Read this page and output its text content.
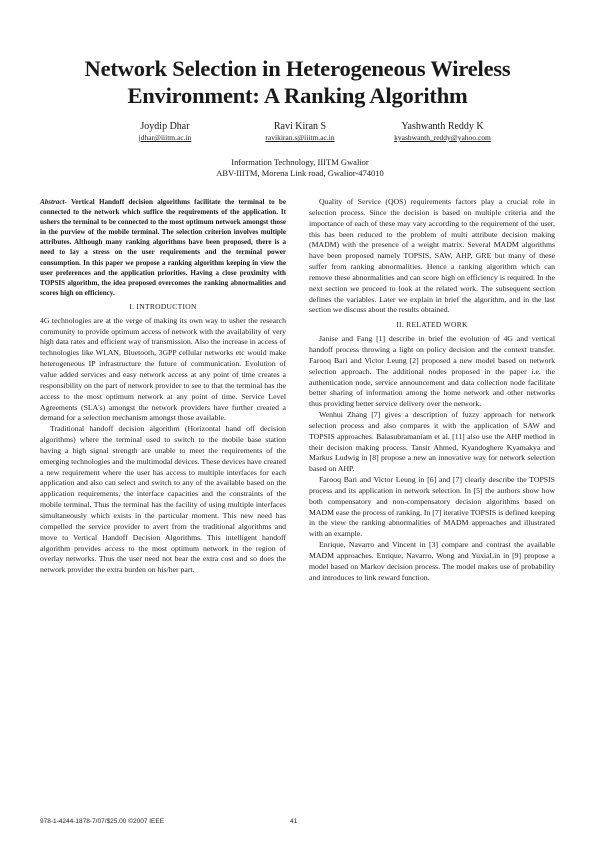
Network Selection in Heterogeneous Wireless
Environment: A Ranking Algorithm
Joydip Dhar
jdhar@iiitm.ac.in
Ravi Kiran S
ravikiran.s@iiitm.ac.in
Yashwanth Reddy K
kyashwanth_reddy@yahoo.com
Information Technology, IIITM Gwalior
ABV-IIITM, Morena Link road, Gwalior-474010

Abstract- Vertical Handoff decision algorithms facilitate the terminal to be connected to the network which suffice the requirements of the application. It ushers the terminal to be connected to the most optimum network amongst those in the purview of the mobile terminal. The selection criterion involves multiple attributes. Although many ranking algorithms have been proposed, there is a need to lay a stress on the user requirements and the terminal power consumption. In this paper we propose a ranking algorithm keeping in view the user preferences and the application priorities. Having a close proximity with TOPSIS algorithm, the idea proposed overcomes the ranking abnormalities and scores high on efficiency.

I. INTRODUCTION

4G technologies are at the verge of making its own way to usher the research community to provide optimum access of network with the availability of very high data rates and efficient way of transmission. Also the increase in access of technologies like WLAN, Bluetooth, 3GPP cellular networks etc would make heterogeneous IP infrastructure the future of communication. Evolution of value added services and easy network access at any point of time creates a responsibility on the part of network provider to see to that the terminal has the access to the most optimum network at any point of time. Service Level Agreements (SLA's) amongst the network providers have further created a demand for a selection mechanism amongst those available.

Traditional handoff decision algorithm (Horizontal hand off decision algorithms) where the terminal used to switch to the mobile base station having a high signal strength are unable to meet the requirements of the emerging technologies and the multimodal devices. These devices have created a new requirement where the user has access to multiple interfaces for each application and also can select and switch to any of the available based on the application requirements, the interface capacities and the constraints of the mobile terminal. Thus the terminal has the facility of using multiple interfaces simultaneously which exists in the particular moment. This new need has compelled the service provider to avert from the traditional algorithms and move to Vertical Handoff Decision Algorithms. This intelligent handoff algorithm provides access to the most optimum network in the region of overlay networks. Thus the user need not bear the extra cost and so does the network provider the extra burden on his/her part.

Quality of Service (QOS) requirements factors play a crucial role in selection process. Since the decision is based on multiple criteria and the importance of each of these may vary according to the requirement of the user, this has been reduced to the problem of multi attribute decision making (MADM) with the presence of a weight matrix. Several MADM algorithms have been proposed namely TOPSIS, SAW, AHP, GRE but many of these suffer from ranking abnormalities. Hence a ranking algorithm which can remove these abnormalities and can score high on efficiency is required. In the next section we proceed to look at the related work. The subsequent section defines the variables. Later we explain in brief the algorithm, and in the last section we discuss about the results obtained.

II. RELATED WORK

Janise and Fang [1] describe in brief the evolution of 4G and vertical handoff process throwing a light on policy decision and the context transfer. Farooq Bari and Victor Leung [2] proposed a new model based on network selection approach. The additional nodes proposed in the paper i.e. the authentication node, service announcement and data collection node facilitate better sharing of information among the home network and other networks thus providing better service delivery over the network.

Wenhui Zhang [7] gives a description of fuzzy approach for network selection process and also compares it with the application of SAW and TOPSIS approaches. Balasubramaniam et al. [11] also use the AHP method in their decision making process. Tansir Ahmed, Kyandoghere Kyamakya and Markus Ludwig in [8] propose a new an innovative way for network selection based on AHP.

Farooq Bari and Victor Leung in [6] and [7] clearly describe the TOPSIS process and its application in network selection. In [5] the authors show how both compensatory and non-compensatory decision algorithms based on MADM ease the process of ranking. In [7] iterative TOPSIS is defined keeping in the view the ranking abnormalities of MADM approaches and illustrated with an example.

Enrique, Navarro and Vincent in [3] compare and contrast the available MADM approaches. Enrique, Navarro, Wong and YuxiaLin in [9] propose a model based on Markov decision process. The model makes use of probability and introduces to link reward function.

978-1-4244-1878-7/07/$25.00 ©2007 IEEE	41
